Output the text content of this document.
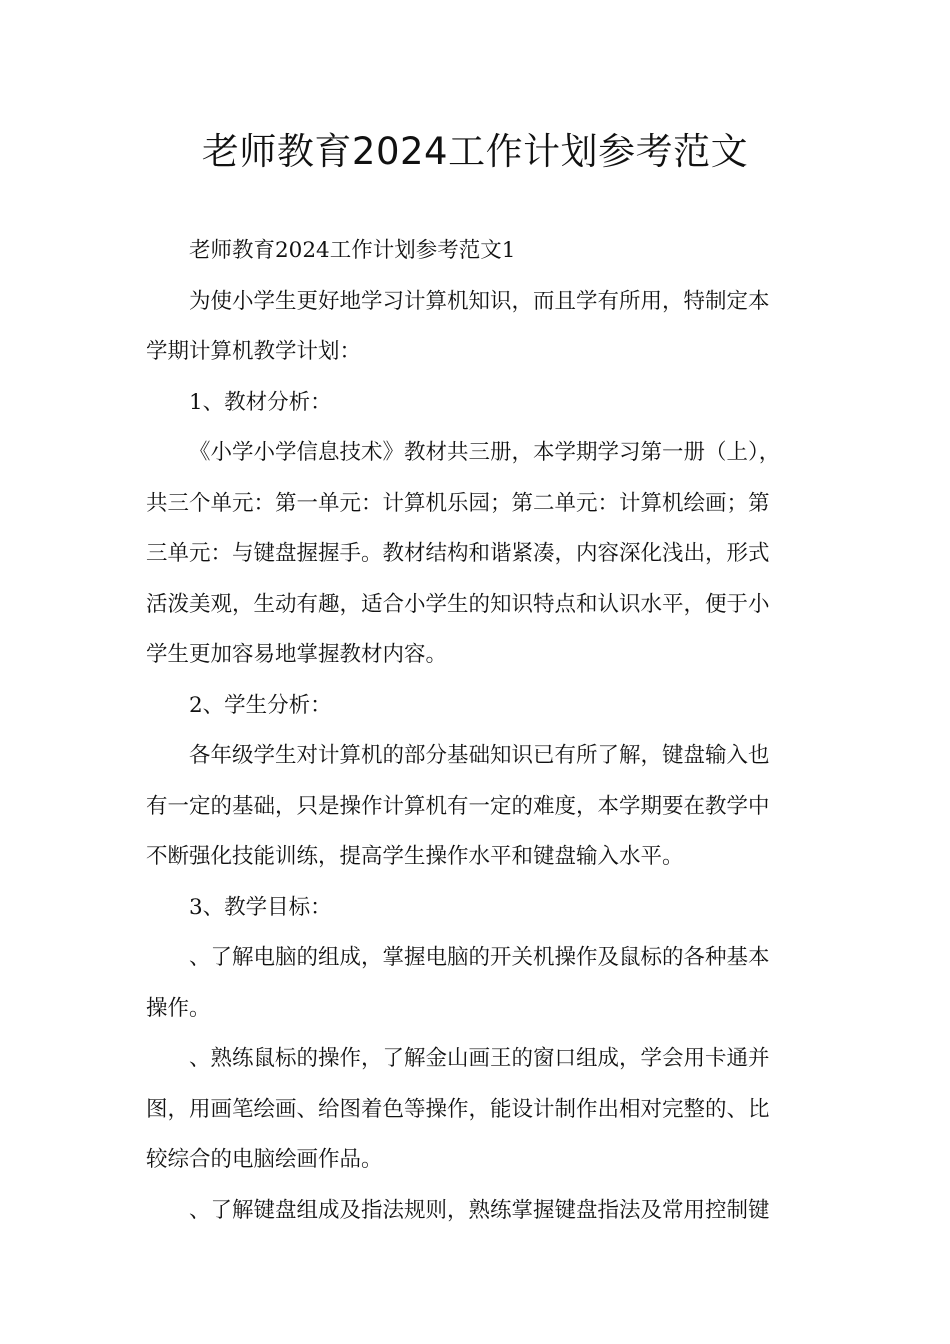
老师教育2024工作计划参考范文
老师教育2024工作计划参考范文1
为使小学生更好地学习计算机知识，而且学有所用，特制定本
学期计算机教学计划：
1、教材分析：
《小学小学信息技术》教材共三册，本学期学习第一册（上），
共三个单元：第一单元：计算机乐园；第二单元：计算机绘画；第
三单元：与键盘握握手。教材结构和谐紧凑，内容深化浅出，形式
活泼美观，生动有趣，适合小学生的知识特点和认识水平，便于小
学生更加容易地掌握教材内容。
2、学生分析：
各年级学生对计算机的部分基础知识已有所了解，键盘输入也
有一定的基础，只是操作计算机有一定的难度，本学期要在教学中
不断强化技能训练，提高学生操作水平和键盘输入水平。
3、教学目标：
、了解电脑的组成，掌握电脑的开关机操作及鼠标的各种基本
操作。
、熟练鼠标的操作，了解金山画王的窗口组成，学会用卡通并
图，用画笔绘画、给图着色等操作，能设计制作出相对完整的、比
较综合的电脑绘画作品。
、了解键盘组成及指法规则，熟练掌握键盘指法及常用控制键
